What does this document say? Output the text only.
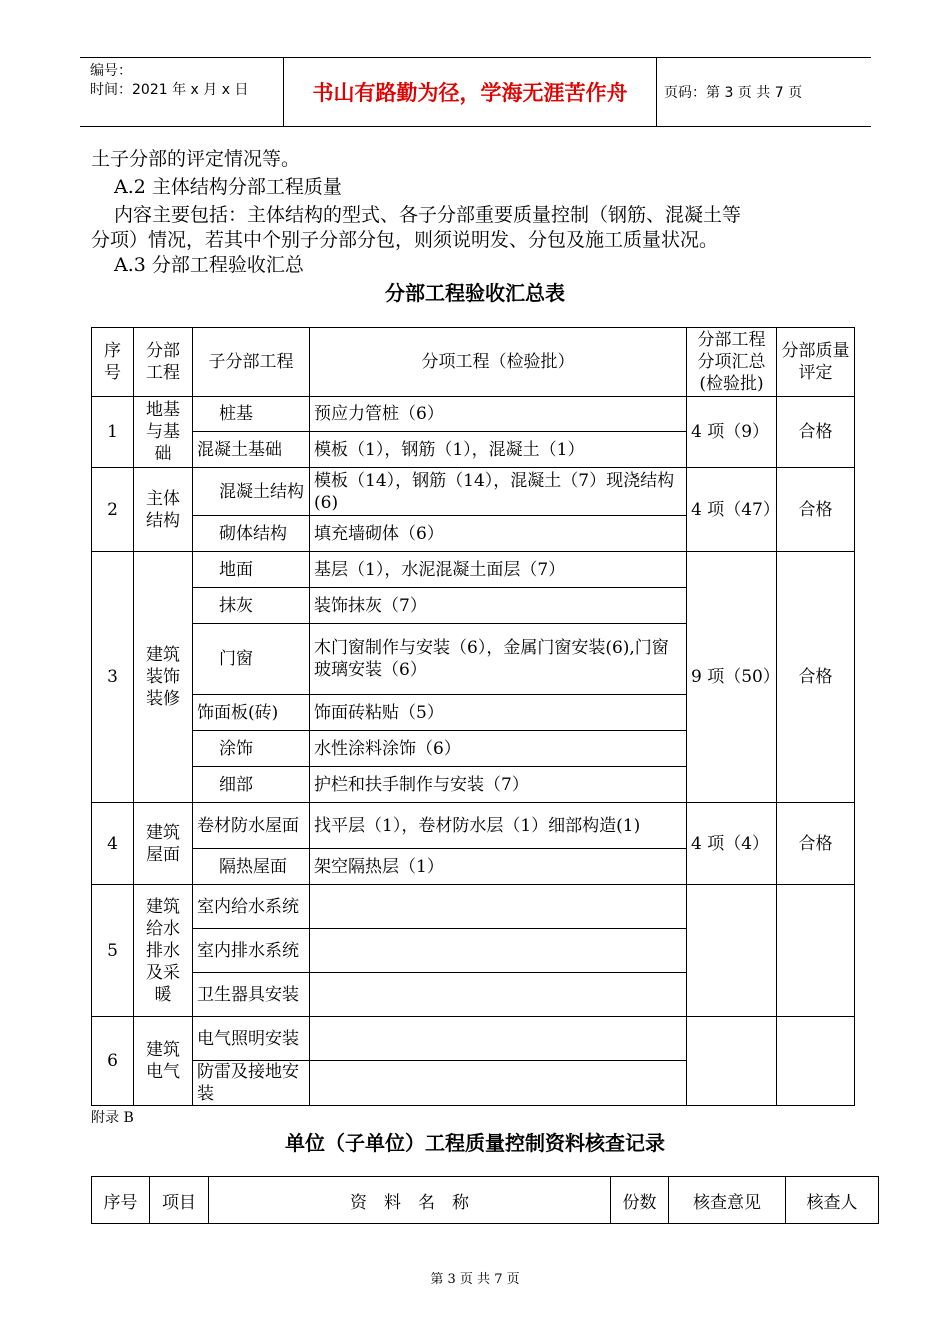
编号：
时间：2021 年 x 月 x 日	书山有路勤为径，学海无涯苦作舟	页码：第 3 页 共 7 页
土子分部的评定情况等。
A.2 主体结构分部工程质量
内容主要包括：主体结构的型式、各子分部重要质量控制（钢筋、混凝土等
分项）情况，若其中个别子分部分包，则须说明发、分包及施工质量状况。
A.3 分部工程验收汇总
分部工程验收汇总表
序号	分部工程	子分部工程	分项工程（检验批）	分部工程分项汇总(检验批)	分部质量评定
1	地基与基础	桩基	预应力管桩（6）	4 项（9）	合格
		混凝土基础	模板（1），钢筋（1），混凝土（1）		
2	主体结构	混凝土结构	模板（14），钢筋（14），混凝土（7）现浇结构(6)	4 项（47）	合格
		砌体结构	填充墙砌体（6）		
3	建筑装饰装修	地面	基层（1），水泥混凝土面层（7）	9 项（50）	合格
		抹灰	装饰抹灰（7）		
		门窗	木门窗制作与安装（6），金属门窗安装(6),门窗玻璃安装（6）		
		饰面板(砖)	饰面砖粘贴（5）		
		涂饰	水性涂料涂饰（6）		
		细部	护栏和扶手制作与安装（7）		
4	建筑屋面	卷材防水屋面	找平层（1），卷材防水层（1）细部构造(1)	4 项（4）	合格
		隔热屋面	架空隔热层（1）		
5	建筑给水排水及采暖	室内给水系统			
		室内排水系统			
		卫生器具安装			
6	建筑电气	电气照明安装			
		防雷及接地安装			
附录 B
单位（子单位）工程质量控制资料核查记录
序号	项目	资　料　名　称	份数	核查意见	核查人
第 3 页 共 7 页
